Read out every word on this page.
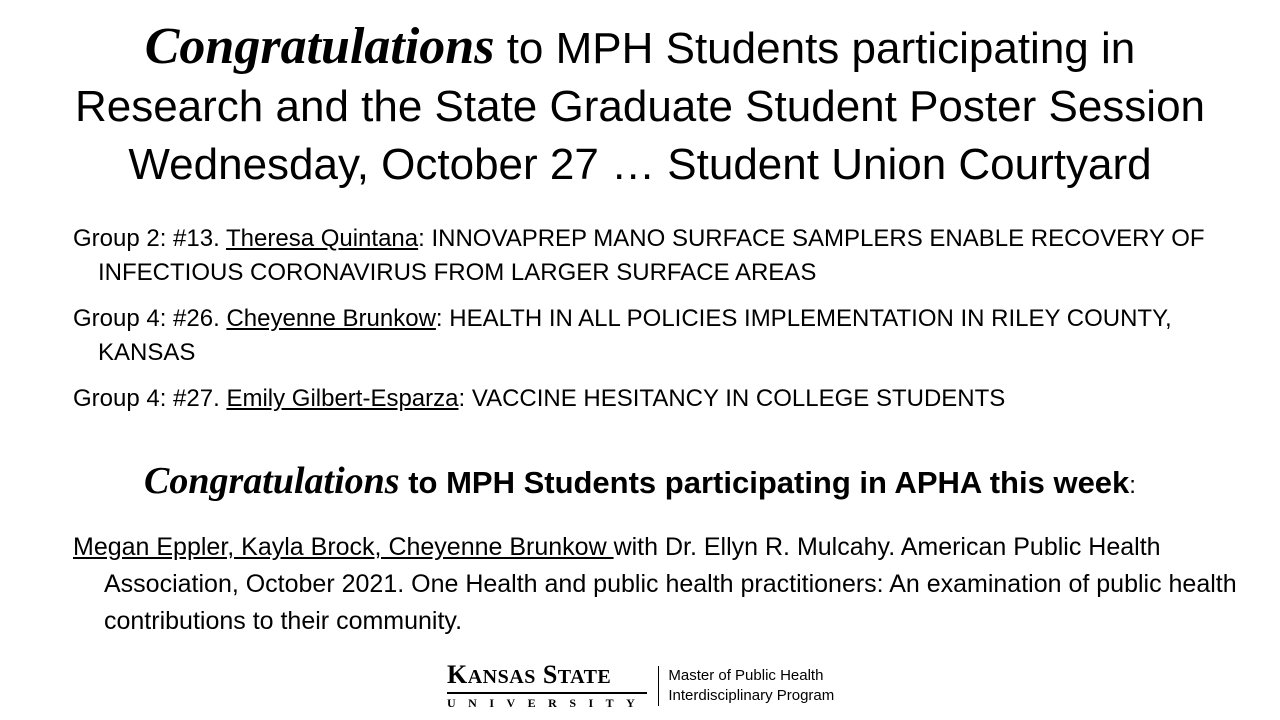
Congratulations to MPH Students participating in
Research and the State Graduate Student Poster Session
Wednesday, October 27 … Student Union Courtyard
Group 2: #13. Theresa Quintana: INNOVAPREP MANO SURFACE SAMPLERS ENABLE RECOVERY OF INFECTIOUS CORONAVIRUS FROM LARGER SURFACE AREAS
Group 4: #26. Cheyenne Brunkow: HEALTH IN ALL POLICIES IMPLEMENTATION IN RILEY COUNTY, KANSAS
Group 4: #27. Emily Gilbert-Esparza: VACCINE HESITANCY IN COLLEGE STUDENTS
Congratulations to MPH Students participating in APHA this week:
Megan Eppler, Kayla Brock, Cheyenne Brunkow with Dr. Ellyn R. Mulcahy. American Public Health Association, October 2021. One Health and public health practitioners: An examination of public health contributions to their community.
KANSAS STATE
UNIVERSITY
Master of Public Health
Interdisciplinary Program
